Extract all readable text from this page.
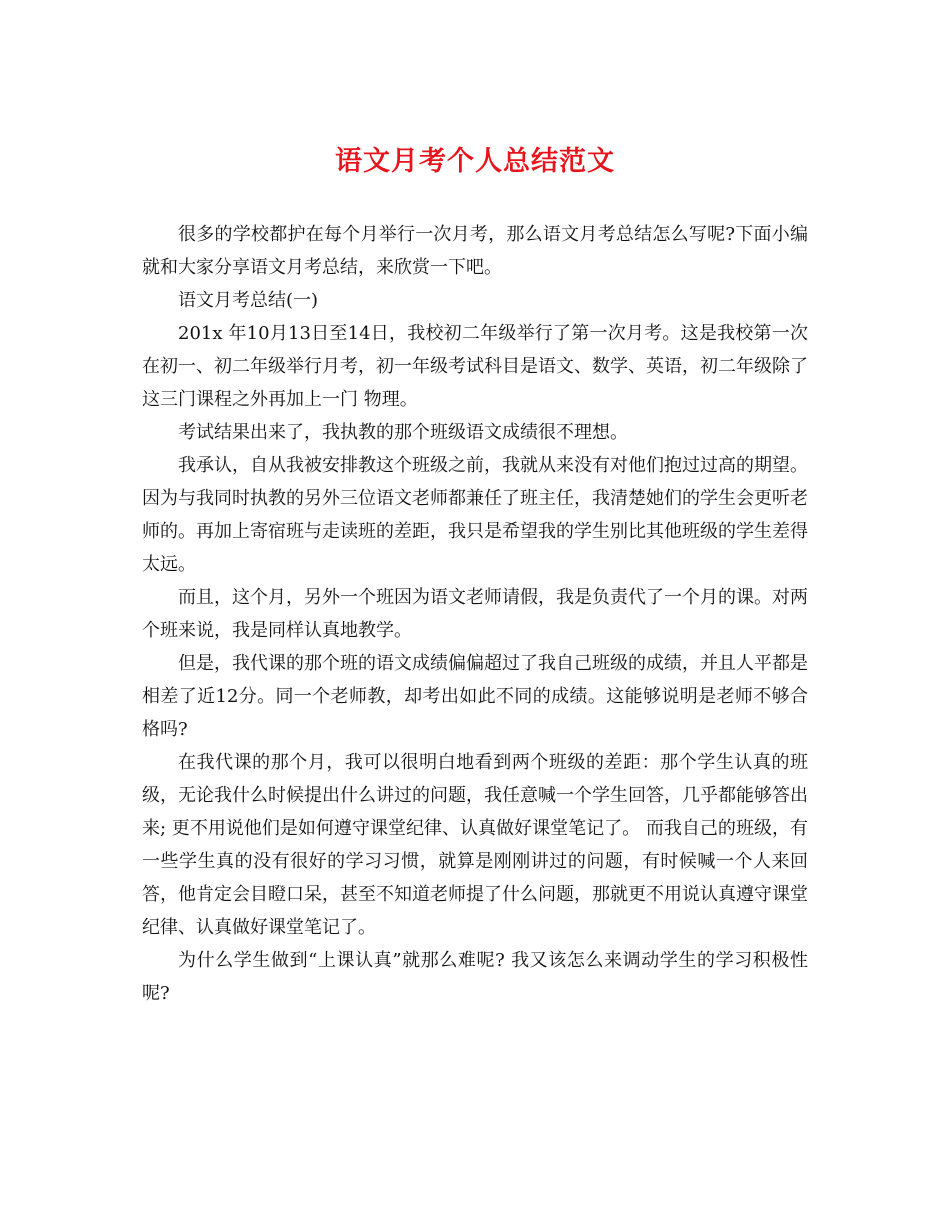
语文月考个人总结范文

很多的学校都护在每个月举行一次月考，那么语文月考总结怎么写呢?下面小编就和大家分享语文月考总结，来欣赏一下吧。

语文月考总结(一)

201x 年10月13日至14日，我校初二年级举行了第一次月考。这是我校第一次在初一、初二年级举行月考，初一年级考试科目是语文、数学、英语，初二年级除了这三门课程之外再加上一门 物理。

考试结果出来了，我执教的那个班级语文成绩很不理想。

我承认，自从我被安排教这个班级之前，我就从来没有对他们抱过过高的期望。因为与我同时执教的另外三位语文老师都兼任了班主任，我清楚她们的学生会更听老师的。再加上寄宿班与走读班的差距，我只是希望我的学生别比其他班级的学生差得太远。

而且，这个月，另外一个班因为语文老师请假，我是负责代了一个月的课。对两个班来说，我是同样认真地教学。

但是，我代课的那个班的语文成绩偏偏超过了我自己班级的成绩，并且人平都是相差了近12分。同一个老师教，却考出如此不同的成绩。这能够说明是老师不够合格吗?

在我代课的那个月，我可以很明白地看到两个班级的差距：那个学生认真的班级，无论我什么时候提出什么讲过的问题，我任意喊一个学生回答，几乎都能够答出来; 更不用说他们是如何遵守课堂纪律、认真做好课堂笔记了。 而我自己的班级，有一些学生真的没有很好的学习习惯，就算是刚刚讲过的问题，有时候喊一个人来回答，他肯定会目瞪口呆，甚至不知道老师提了什么问题，那就更不用说认真遵守课堂纪律、认真做好课堂笔记了。

为什么学生做到“上课认真”就那么难呢? 我又该怎么来调动学生的学习积极性呢?
